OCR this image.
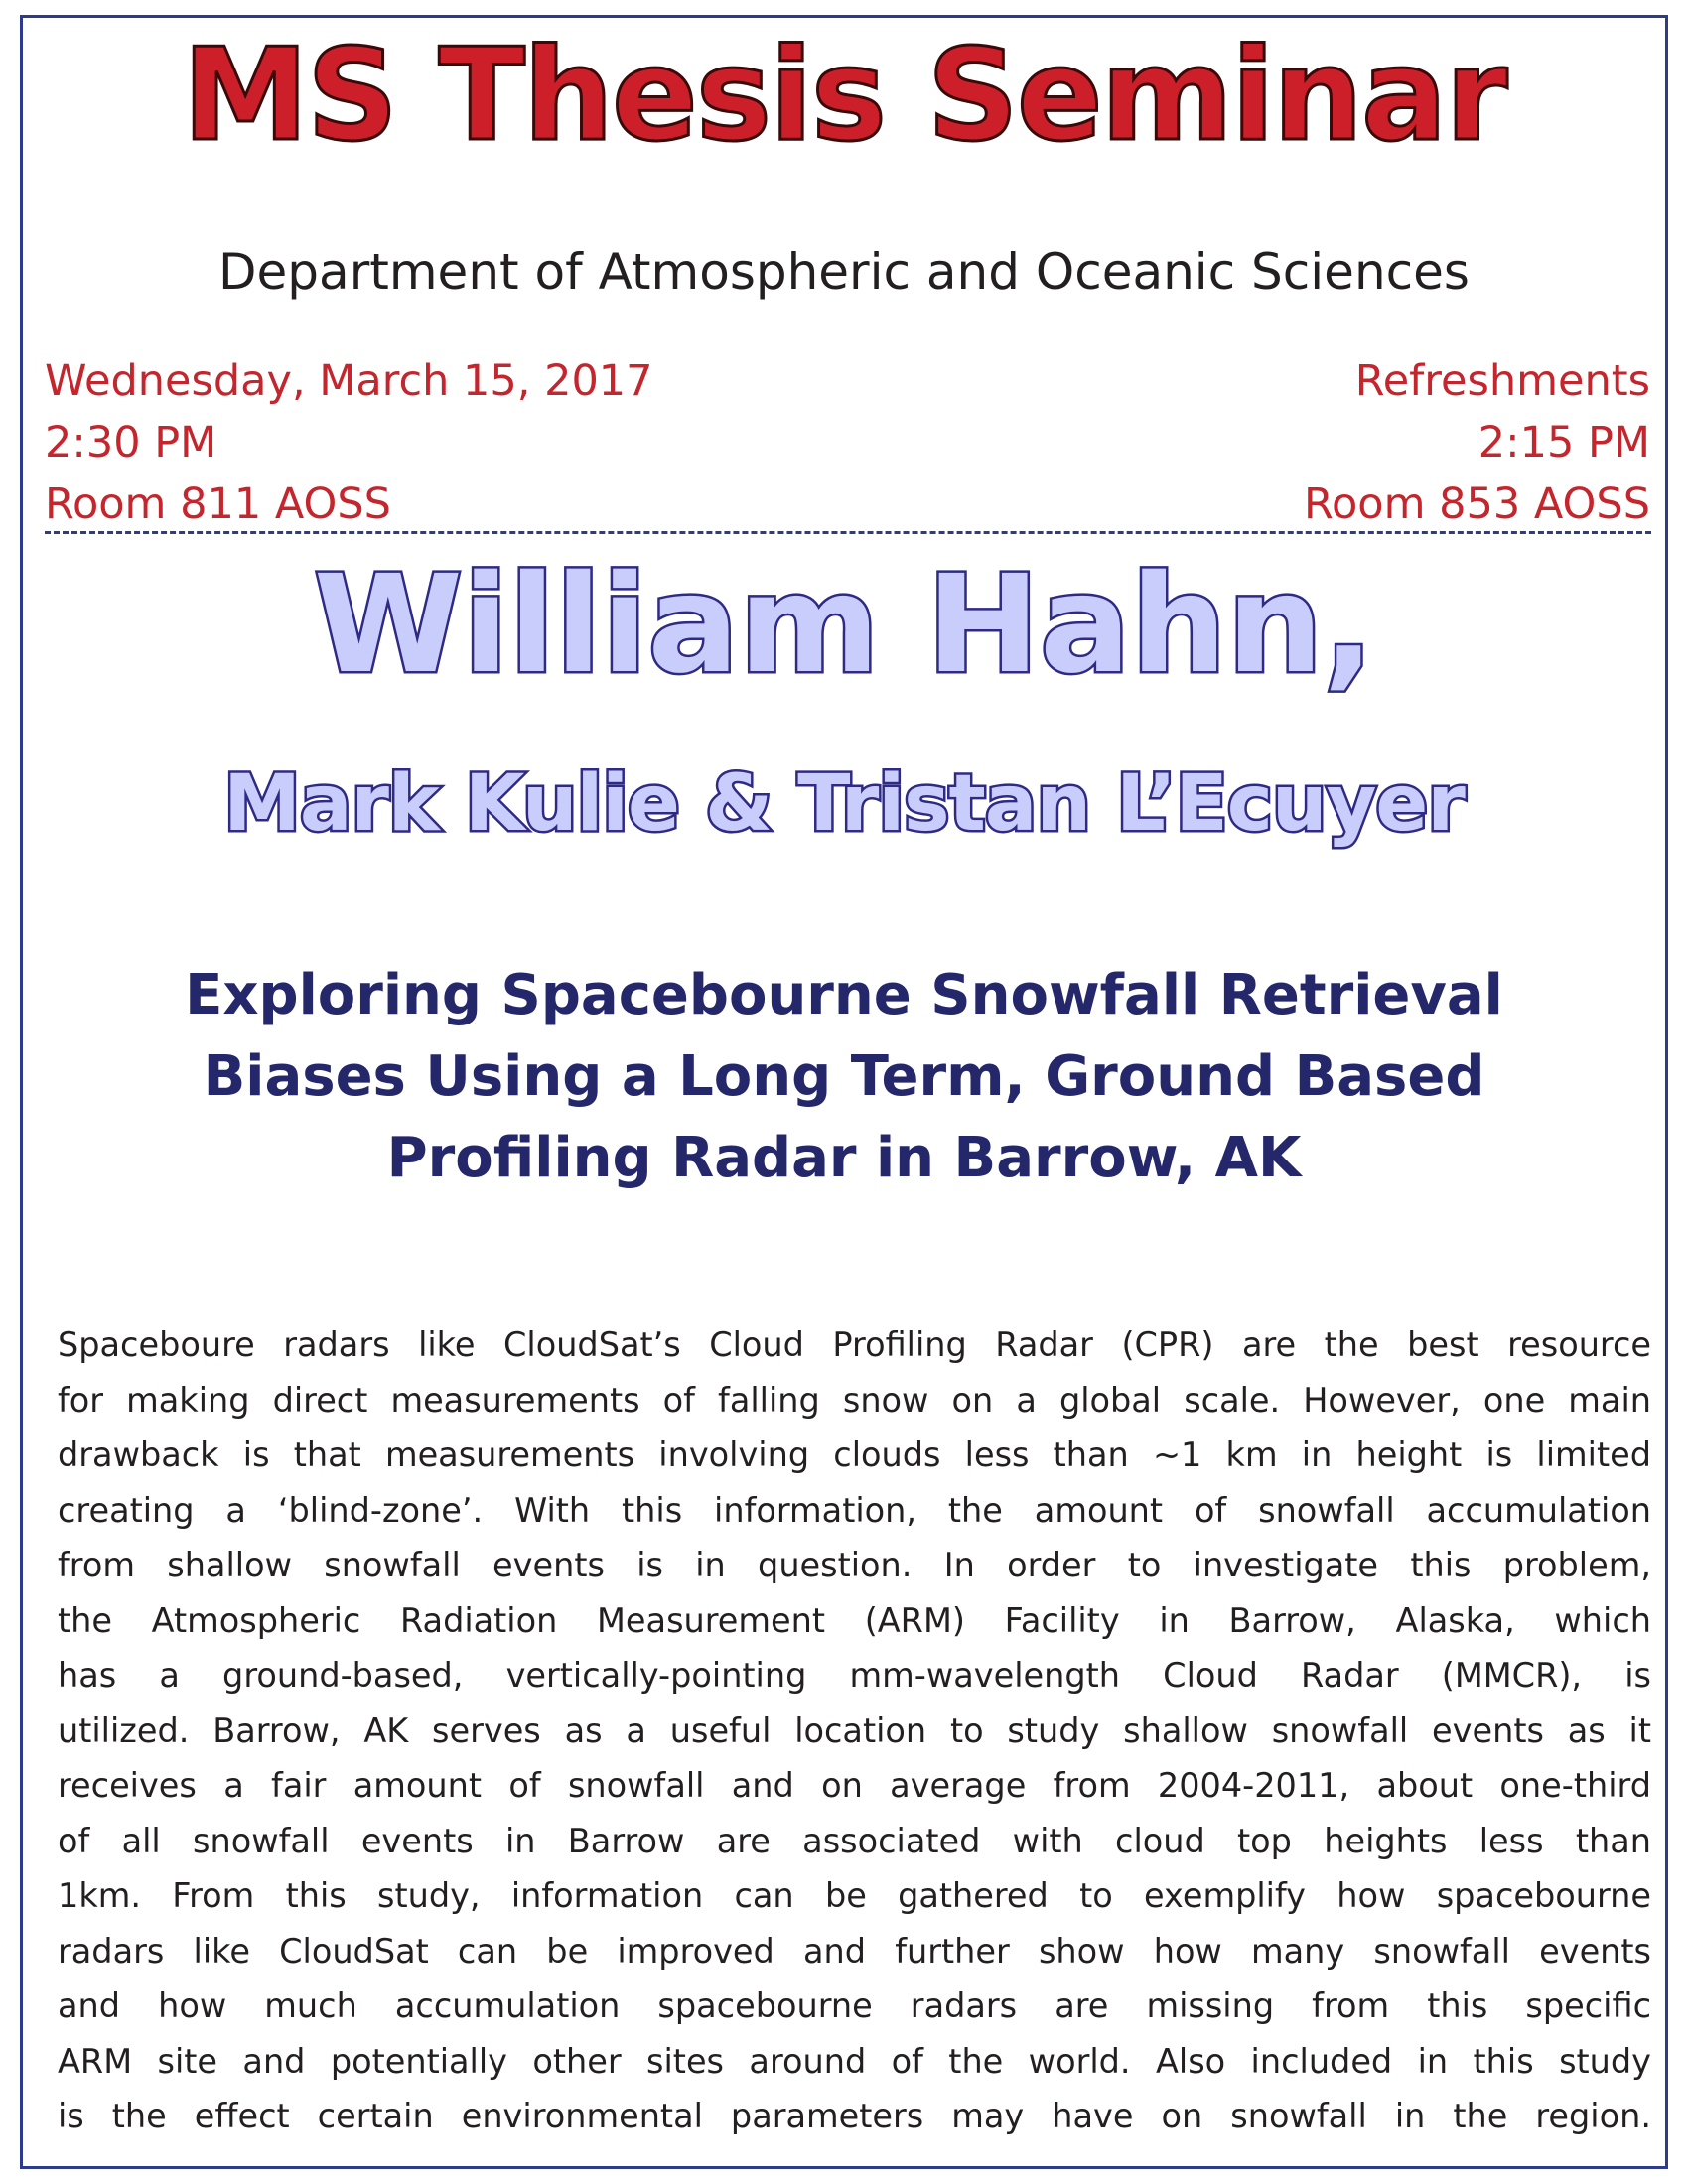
MS Thesis Seminar
Department of Atmospheric and Oceanic Sciences
Wednesday, March 15, 2017
2:30 PM
Room 811 AOSS
Refreshments
2:15 PM
Room 853 AOSS
William Hahn,
Mark Kulie & Tristan L’Ecuyer
Exploring Spacebourne Snowfall Retrieval
Biases Using a Long Term, Ground Based
Profiling Radar in Barrow, AK
Spaceboure radars like CloudSat’s Cloud Profiling Radar (CPR) are the best resource
for making direct measurements of falling snow on a global scale. However, one main
drawback is that measurements involving clouds less than ~1 km in height is limited
creating a ‘blind-zone’. With this information, the amount of snowfall accumulation
from shallow snowfall events is in question. In order to investigate this problem,
the Atmospheric Radiation Measurement (ARM) Facility in Barrow, Alaska, which
has a ground-based, vertically-pointing mm-wavelength Cloud Radar (MMCR), is
utilized. Barrow, AK serves as a useful location to study shallow snowfall events as it
receives a fair amount of snowfall and on average from 2004-2011, about one-third
of all snowfall events in Barrow are associated with cloud top heights less than
1km. From this study, information can be gathered to exemplify how spacebourne
radars like CloudSat can be improved and further show how many snowfall events
and how much accumulation spacebourne radars are missing from this specific
ARM site and potentially other sites around of the world. Also included in this study
is the effect certain environmental parameters may have on snowfall in the region.
